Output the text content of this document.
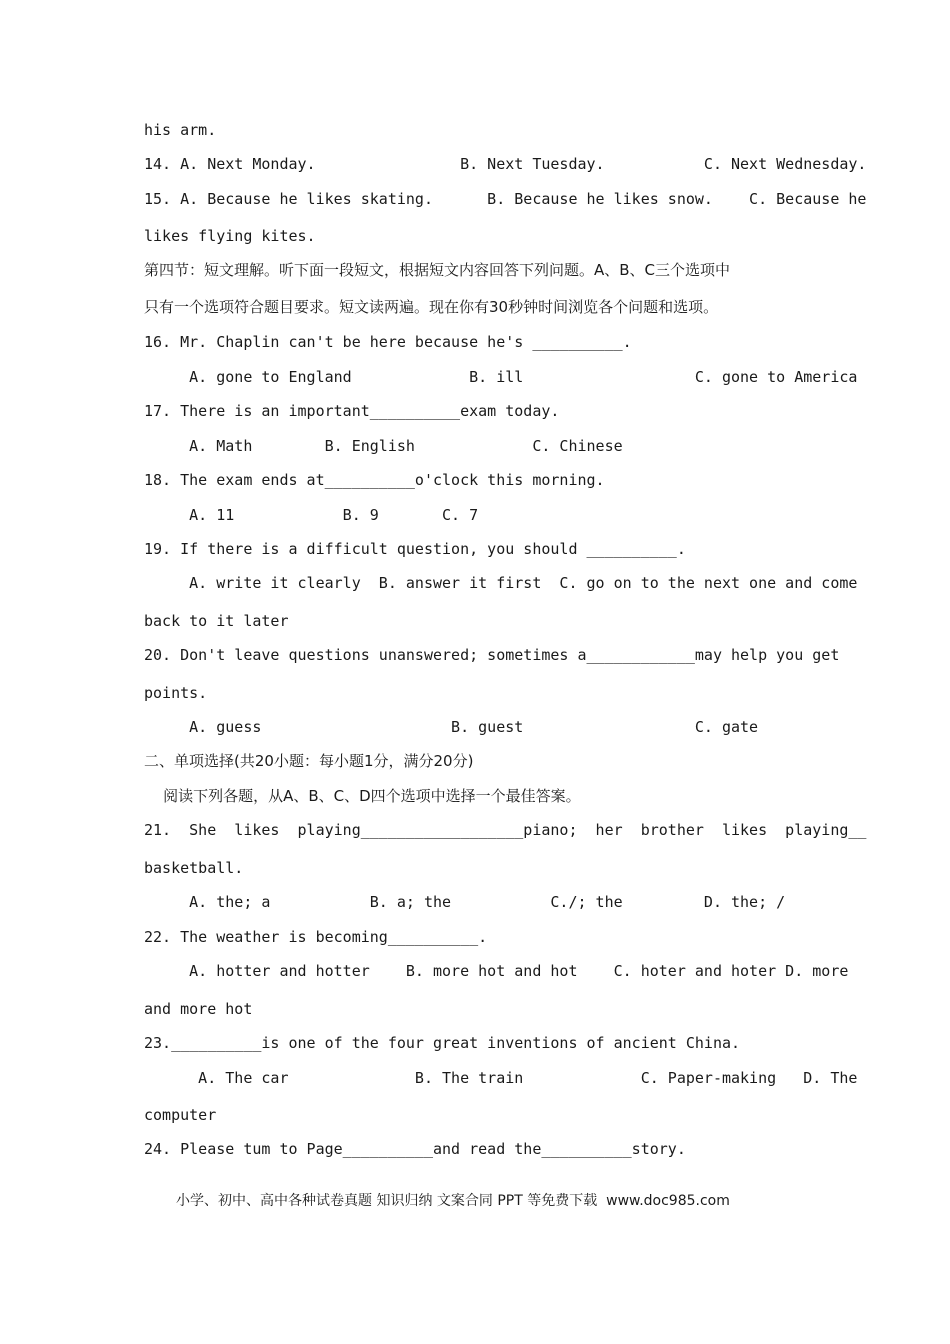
his arm.

14. A. Next Monday.                B. Next Tuesday.           C. Next Wednesday.

15. A. Because he likes skating.      B. Because he likes snow.    C. Because he

likes flying kites.

第四节：短文理解。听下面一段短文，根据短文内容回答下列问题。A、B、C三个选项中

只有一个选项符合题目要求。短文读两遍。现在你有30秒钟时间浏览各个问题和选项。

16. Mr. Chaplin can't be here because he's __________.

A. gone to England             B. ill                   C. gone to America

17. There is an important__________exam today.

A. Math        B. English             C. Chinese

18. The exam ends at__________o'clock this morning.

A. 11            B. 9       C. 7

19. If there is a difficult question, you should __________.

A. write it clearly  B. answer it first  C. go on to the next one and come

back to it later

20. Don't leave questions unanswered; sometimes a____________may help you get

points.

A. guess                     B. guest                   C. gate

二、单项选择(共20小题：每小题1分，满分20分)

阅读下列各题，从A、B、C、D四个选项中选择一个最佳答案。

21.  She  likes  playing__________________piano;  her  brother  likes  playing__

basketball.

A. the; a           B. a; the           C./; the         D. the; /

22. The weather is becoming__________.

A. hotter and hotter    B. more hot and hot    C. hoter and hoter D. more

and more hot

23.__________is one of the four great inventions of ancient China.

A. The car              B. The train             C. Paper-making   D. The

computer

24. Please tum to Page__________and read the__________story.

小学、初中、高中各种试卷真题 知识归纳 文案合同 PPT 等免费下载  www.doc985.com
